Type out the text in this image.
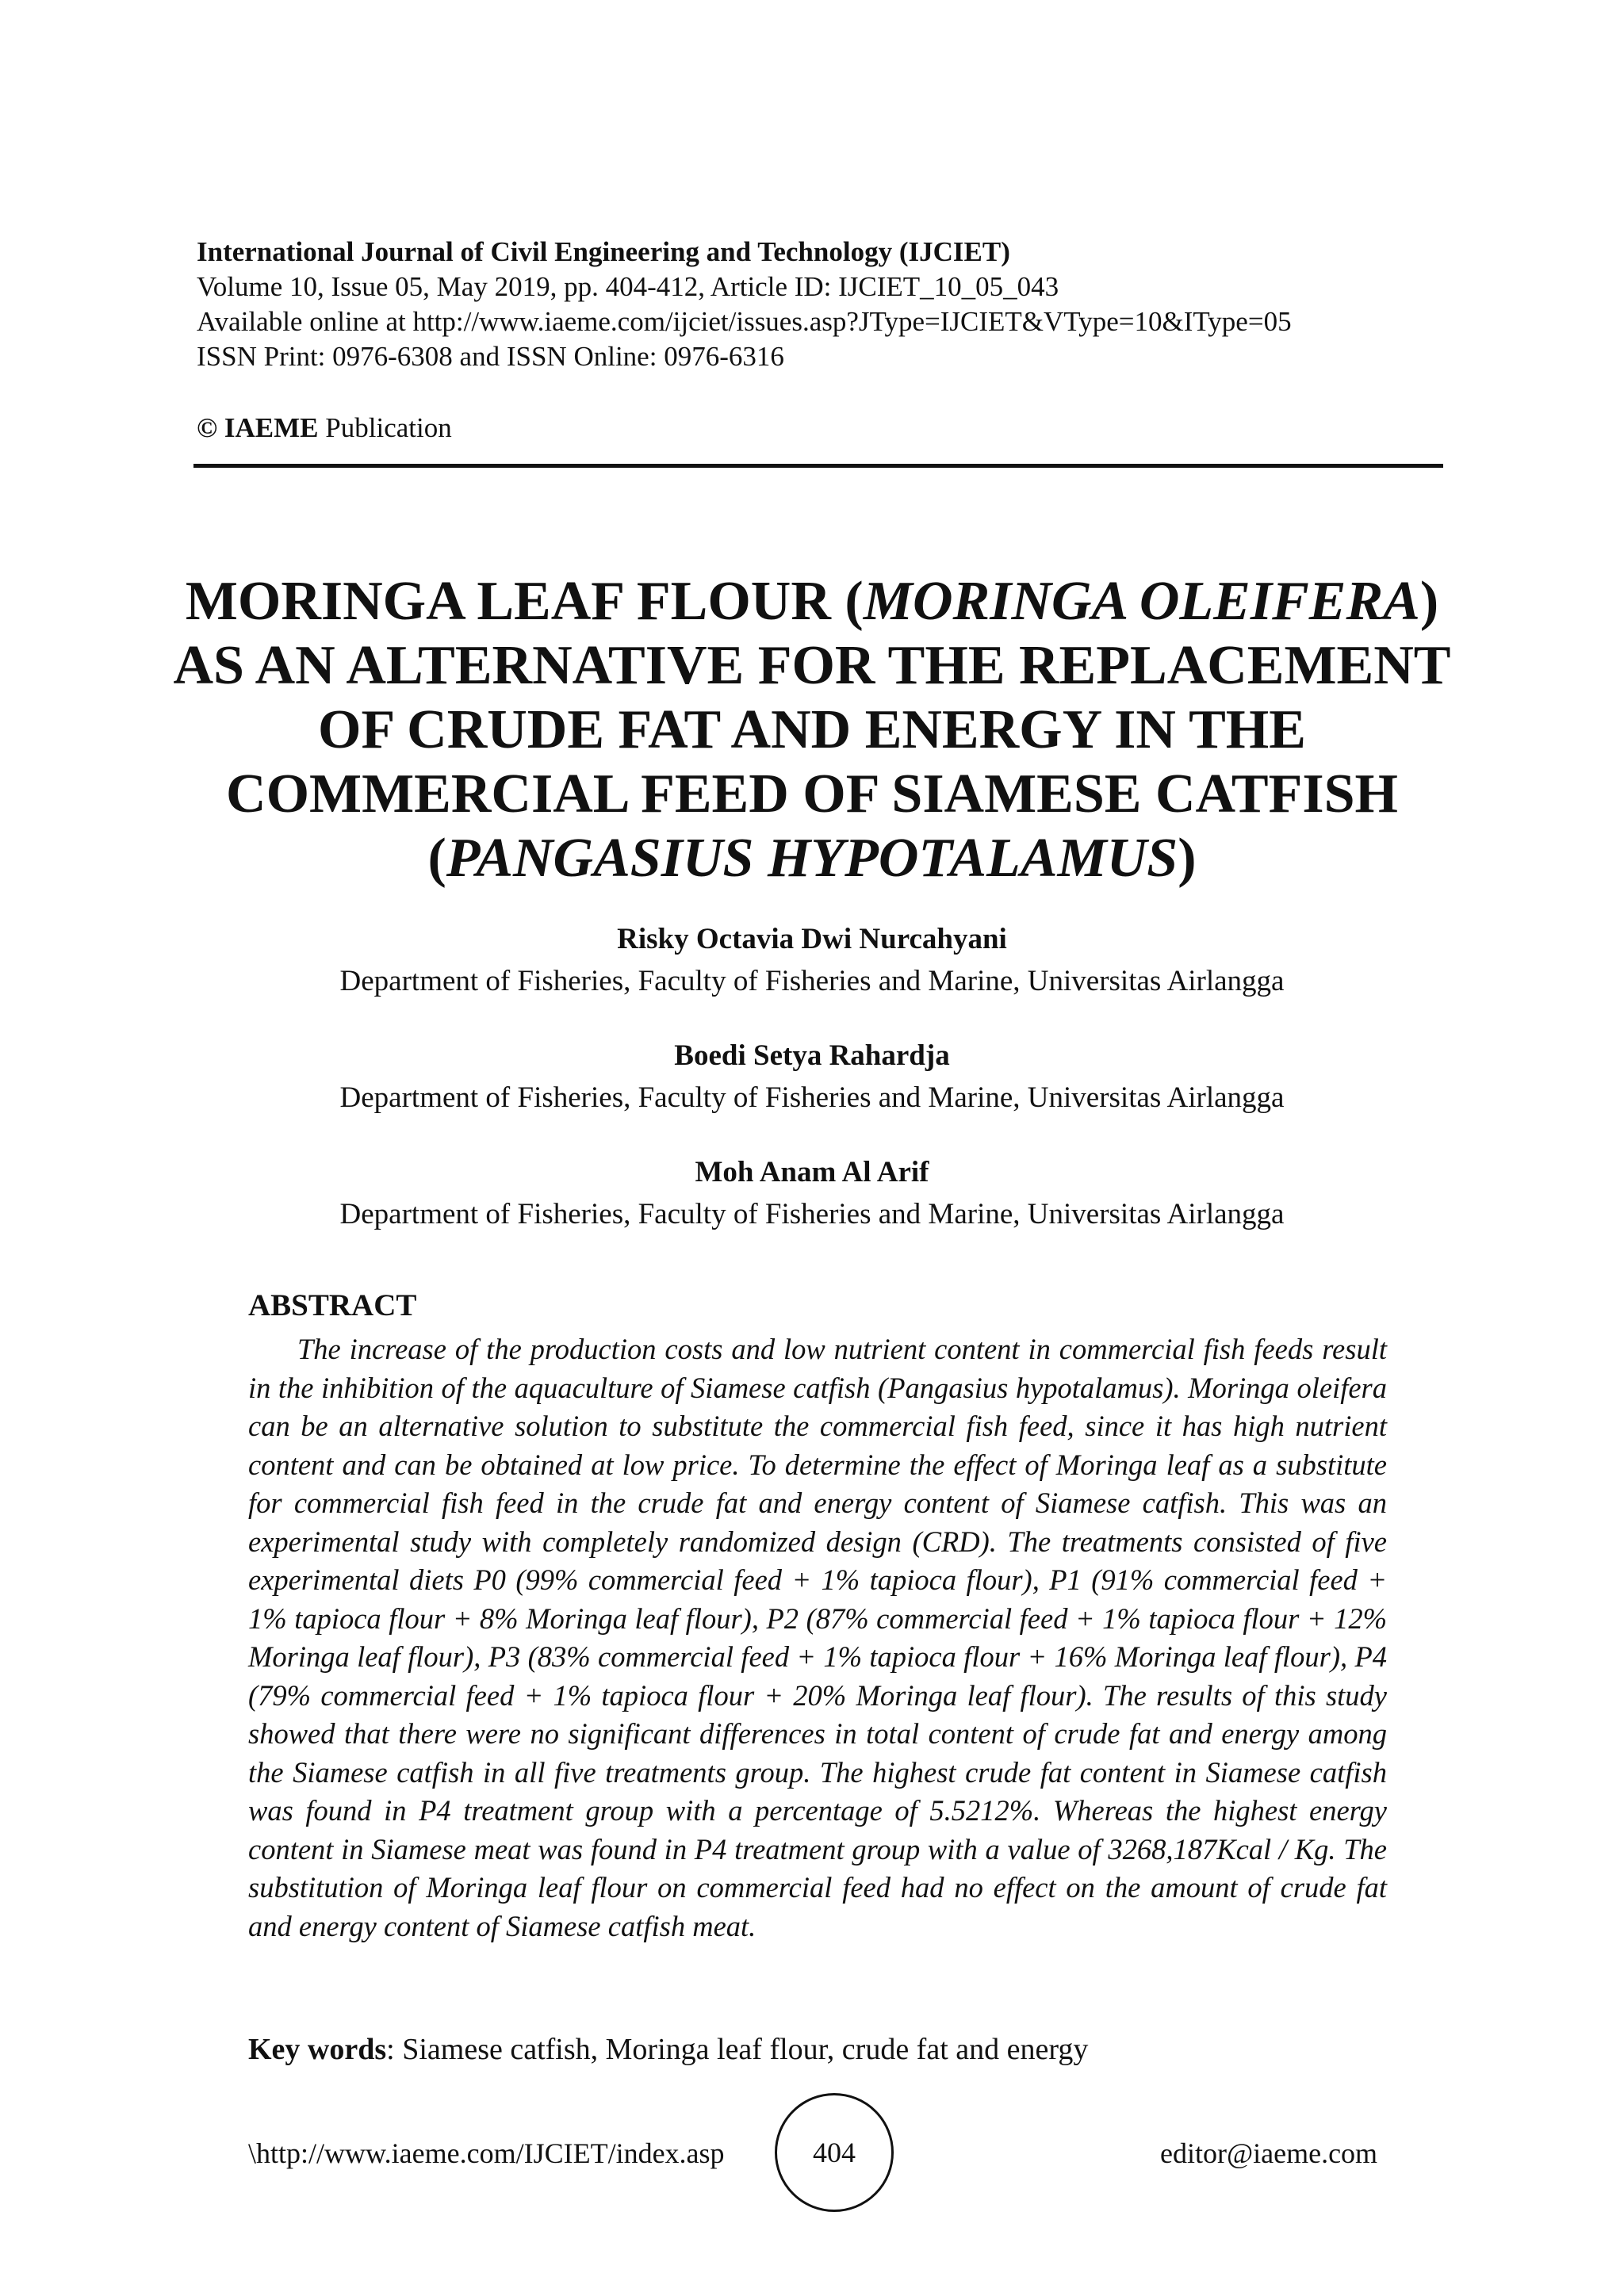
International Journal of Civil Engineering and Technology (IJCIET)
Volume 10, Issue 05, May 2019, pp. 404-412, Article ID: IJCIET_10_05_043
Available online at http://www.iaeme.com/ijciet/issues.asp?JType=IJCIET&VType=10&IType=05
ISSN Print: 0976-6308 and ISSN Online: 0976-6316
© IAEME Publication
MORINGA LEAF FLOUR (MORINGA OLEIFERA) AS AN ALTERNATIVE FOR THE REPLACEMENT OF CRUDE FAT AND ENERGY IN THE COMMERCIAL FEED OF SIAMESE CATFISH (PANGASIUS HYPOTALAMUS)
Risky Octavia Dwi Nurcahyani
Department of Fisheries, Faculty of Fisheries and Marine, Universitas Airlangga
Boedi Setya Rahardja
Department of Fisheries, Faculty of Fisheries and Marine, Universitas Airlangga
Moh Anam Al Arif
Department of Fisheries, Faculty of Fisheries and Marine, Universitas Airlangga
ABSTRACT
The increase of the production costs and low nutrient content in commercial fish feeds result in the inhibition of the aquaculture of Siamese catfish (Pangasius hypotalamus). Moringa oleifera can be an alternative solution to substitute the commercial fish feed, since it has high nutrient content and can be obtained at low price. To determine the effect of Moringa leaf as a substitute for commercial fish feed in the crude fat and energy content of Siamese catfish. This was an experimental study with completely randomized design (CRD). The treatments consisted of five experimental diets P0 (99% commercial feed + 1% tapioca flour), P1 (91% commercial feed + 1% tapioca flour + 8% Moringa leaf flour), P2 (87% commercial feed + 1% tapioca flour + 12% Moringa leaf flour), P3 (83% commercial feed + 1% tapioca flour + 16% Moringa leaf flour), P4 (79% commercial feed + 1% tapioca flour + 20% Moringa leaf flour). The results of this study showed that there were no significant differences in total content of crude fat and energy among the Siamese catfish in all five treatments group. The highest crude fat content in Siamese catfish was found in P4 treatment group with a percentage of 5.5212%. Whereas the highest energy content in Siamese meat was found in P4 treatment group with a value of 3268,187Kcal / Kg. The substitution of Moringa leaf flour on commercial feed had no effect on the amount of crude fat and energy content of Siamese catfish meat.
Key words: Siamese catfish, Moringa leaf flour, crude fat and energy
\http://www.iaeme.com/IJCIET/index.asp	404	editor@iaeme.com
